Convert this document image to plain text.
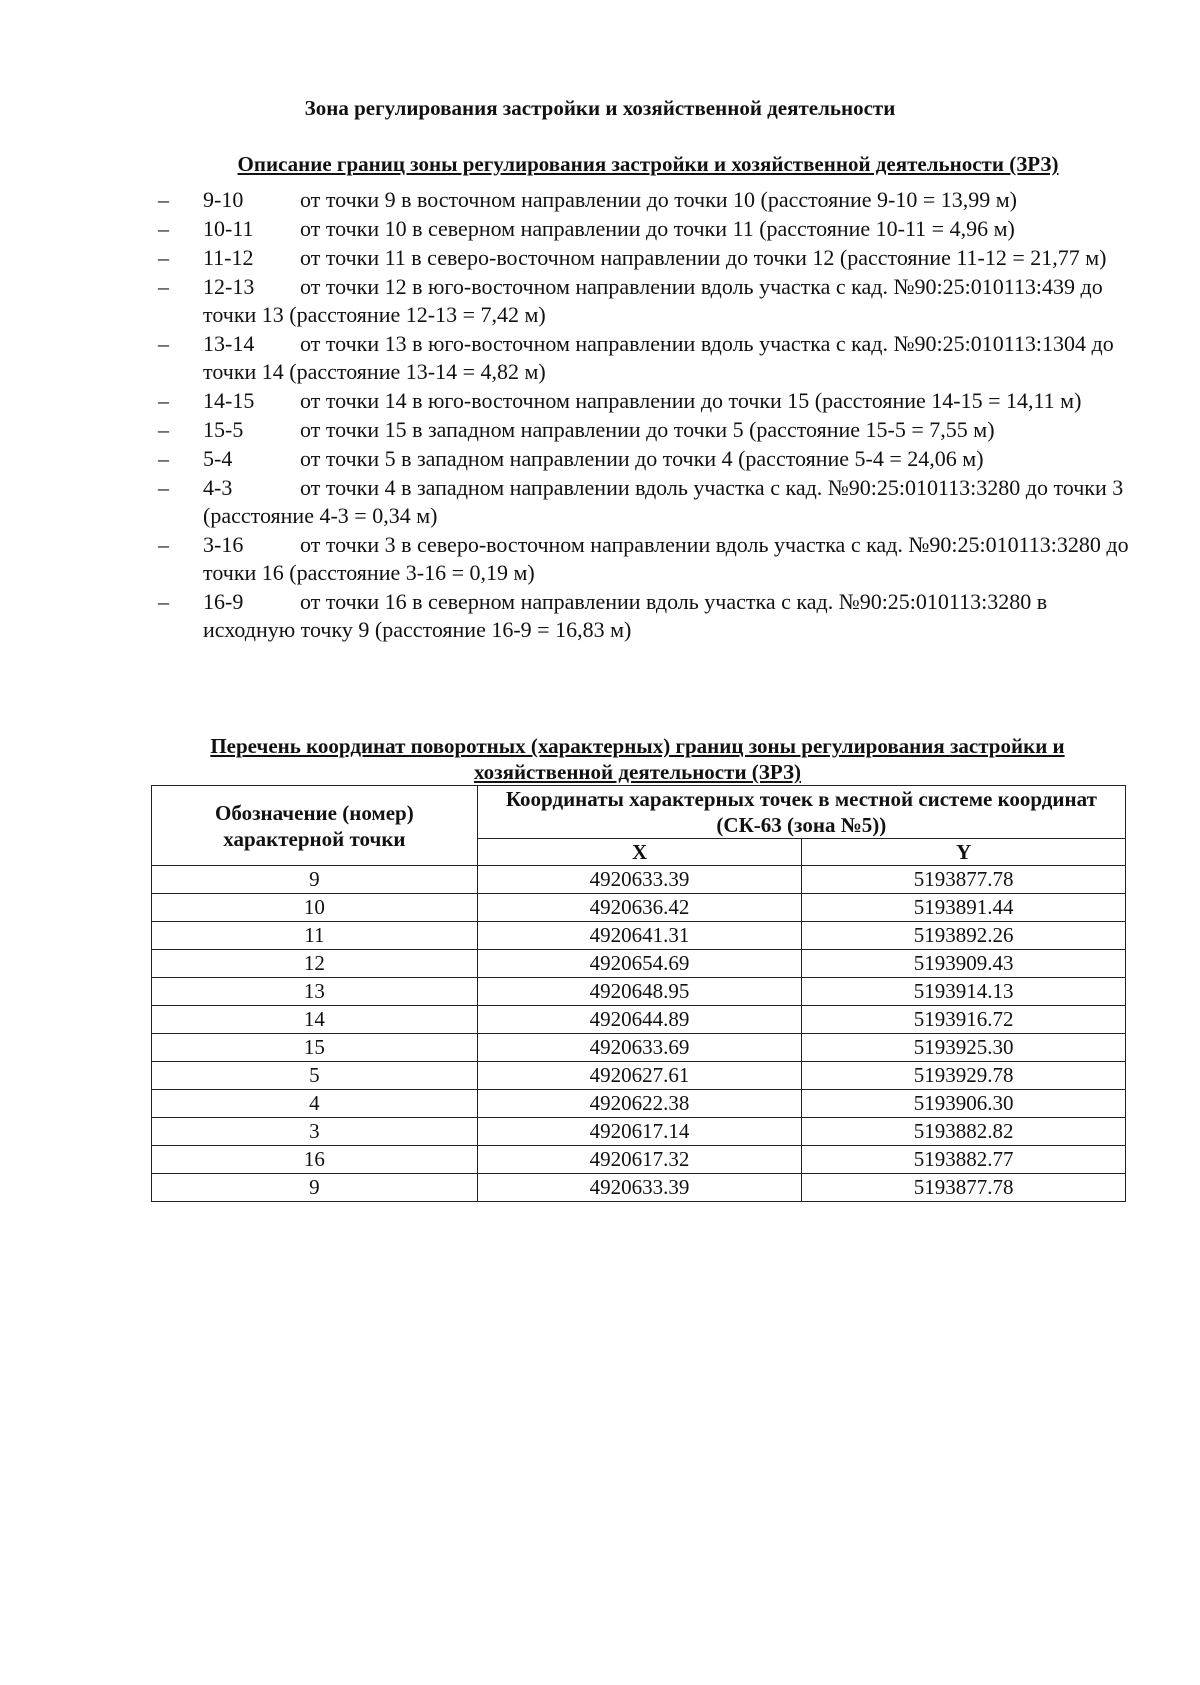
Зона регулирования застройки и хозяйственной деятельности
Описание границ зоны регулирования застройки и хозяйственной деятельности (ЗРЗ)
– 9-10	от точки 9 в восточном направлении до точки 10 (расстояние 9-10 = 13,99 м)
– 10-11 от точки 10 в северном направлении до точки 11 (расстояние 10-11 = 4,96 м)
– 11-12 от точки 11 в северо-восточном направлении до точки 12 (расстояние 11-12 = 21,77 м)
– 12-13 от точки 12 в юго-восточном направлении вдоль участка с кад. №90:25:010113:439 до точки 13 (расстояние 12-13 = 7,42 м)
– 13-14 от точки 13 в юго-восточном направлении вдоль участка с кад. №90:25:010113:1304 до точки 14 (расстояние 13-14 = 4,82 м)
– 14-15 от точки 14 в юго-восточном направлении до точки 15 (расстояние 14-15 = 14,11 м)
– 15-5	от точки 15 в западном направлении до точки 5 (расстояние 15-5 = 7,55 м)
– 5-4	от точки 5 в западном направлении до точки 4 (расстояние 5-4 = 24,06 м)
– 4-3	от точки 4 в западном направлении вдоль участка с кад. №90:25:010113:3280 до точки 3 (расстояние 4-3 = 0,34 м)
– 3-16	от точки 3 в северо-восточном направлении вдоль участка с кад. №90:25:010113:3280 до точки 16 (расстояние 3-16 = 0,19 м)
– 16-9	от точки 16 в северном направлении вдоль участка с кад. №90:25:010113:3280 в исходную точку 9 (расстояние 16-9 = 16,83 м)
Перечень координат поворотных (характерных) границ зоны регулирования застройки и хозяйственной деятельности (ЗРЗ)
Обозначение (номер) характерной точки	Координаты характерных точек в местной системе координат (СК-63 (зона №5))	
	X	Y
9	4920633.39	5193877.78
10	4920636.42	5193891.44
11	4920641.31	5193892.26
12	4920654.69	5193909.43
13	4920648.95	5193914.13
14	4920644.89	5193916.72
15	4920633.69	5193925.30
5	4920627.61	5193929.78
4	4920622.38	5193906.30
3	4920617.14	5193882.82
16	4920617.32	5193882.77
9	4920633.39	5193877.78
